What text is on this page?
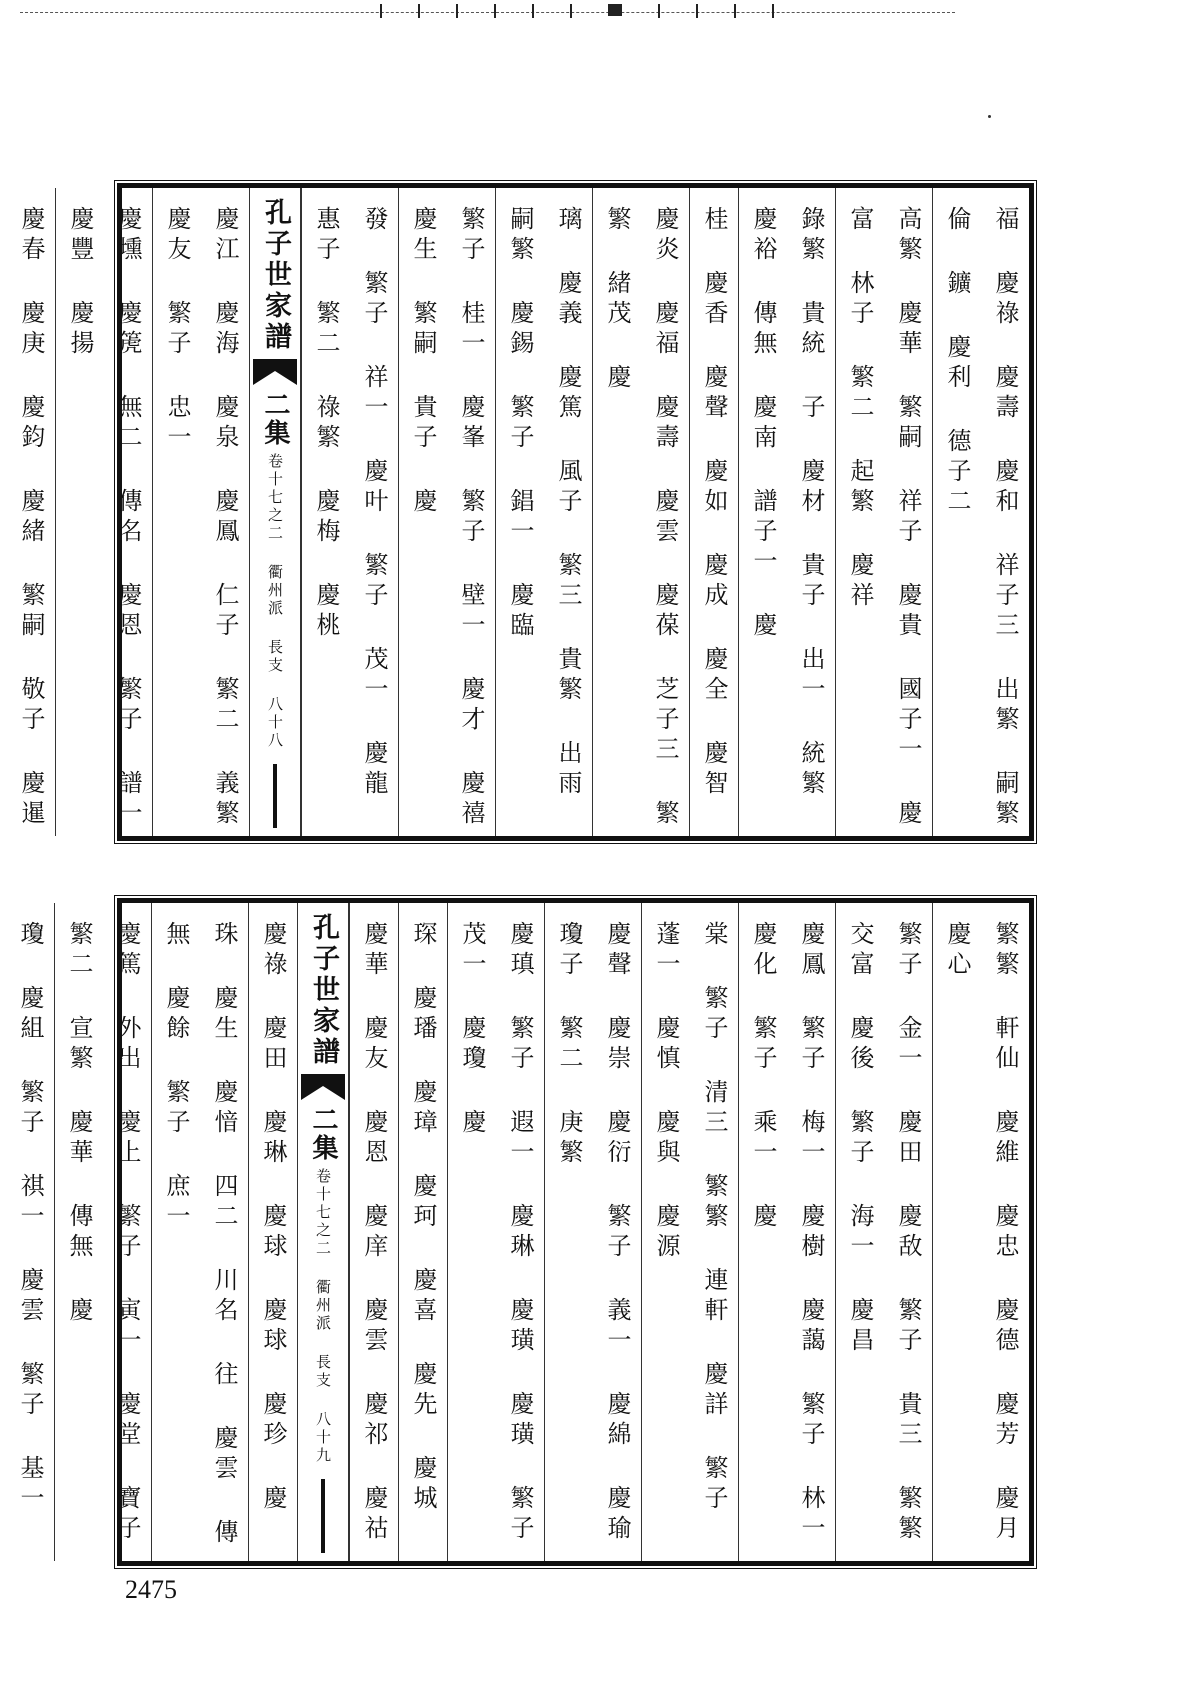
福 慶祿 慶壽 慶和 祥子三 出繁 嗣繁 倫 鑛 慶利 德子二
高繁 慶華 繁嗣 祥子 慶貴 國子一 慶富 林子 繁二 起繁 慶祥
錄繁 貴統 子 慶材 貴子 出一 統繁 慶裕 傳無 慶南 譜子一 慶
桂 慶香 慶聲 慶如 慶成 慶全 慶智
慶炎 慶福 慶壽 慶雲 慶葆 芝子三 繁繁 緒茂 慶
璃 慶義 慶篤 風子 繁三 貴繁 出雨 嗣繁 慶錫 繁子 錩一 慶臨
繁子 桂一 慶峯 繁子 壁一 慶才 慶禧 慶生 繁嗣 貴子 慶
發 繁子 祥一 慶叶 繁子 茂一 慶龍 惠子 繁二 祿繁 慶梅 慶桃
孔子世家譜
二集
卷十七之二 衢州派 長支 八十八
慶江 慶海 慶泉 慶鳳 仁子 繁二 義繁 慶友 繁子 忠一
慶壎 慶箎 無二 傳名 慶恩 繁子 譜一 慶豐 慶揚
慶春 慶庚 慶鈞 慶緒 繁嗣 敬子 慶暹
繁繁 軒仙 慶維 慶忠 慶德 慶芳 慶月 慶心
繁子 金一 慶田 慶敌 繁子 貴三 繁繁 交富 慶後 繁子 海一 慶昌
慶鳳 繁子 梅一 慶樹 慶藹 繁子 林一 慶化 繁子 乘一 慶
棠 繁子 清三 繁繁 連軒 慶詳 繁子 蓬一 慶慎 慶與 慶源
慶聲 慶崇 慶衍 繁子 義一 慶綿 慶瑜 瓊子 繁二 庚繁
慶瑱 繁子 遐一 慶琳 慶璜 慶璜 繁子 茂一 慶瓊 慶
琛 慶璠 慶璋 慶珂 慶喜 慶先 慶城
慶華 慶友 慶恩 慶庠 慶雲 慶祁 慶祜
孔子世家譜
二集
卷十七之二 衢州派 長支 八十九
慶祿 慶田 慶琳 慶球 慶球 慶珍 慶
珠 慶生 慶愔 四二 川名 往 慶雲 傳無 慶餘 繁子 庶一
慶篤 外出 慶上 繁子 寅一 慶堂 寶子 繁二 宣繁 慶華 傳無 慶
瓊 慶組 繁子 祺一 慶雲 繁子 基一
2475
